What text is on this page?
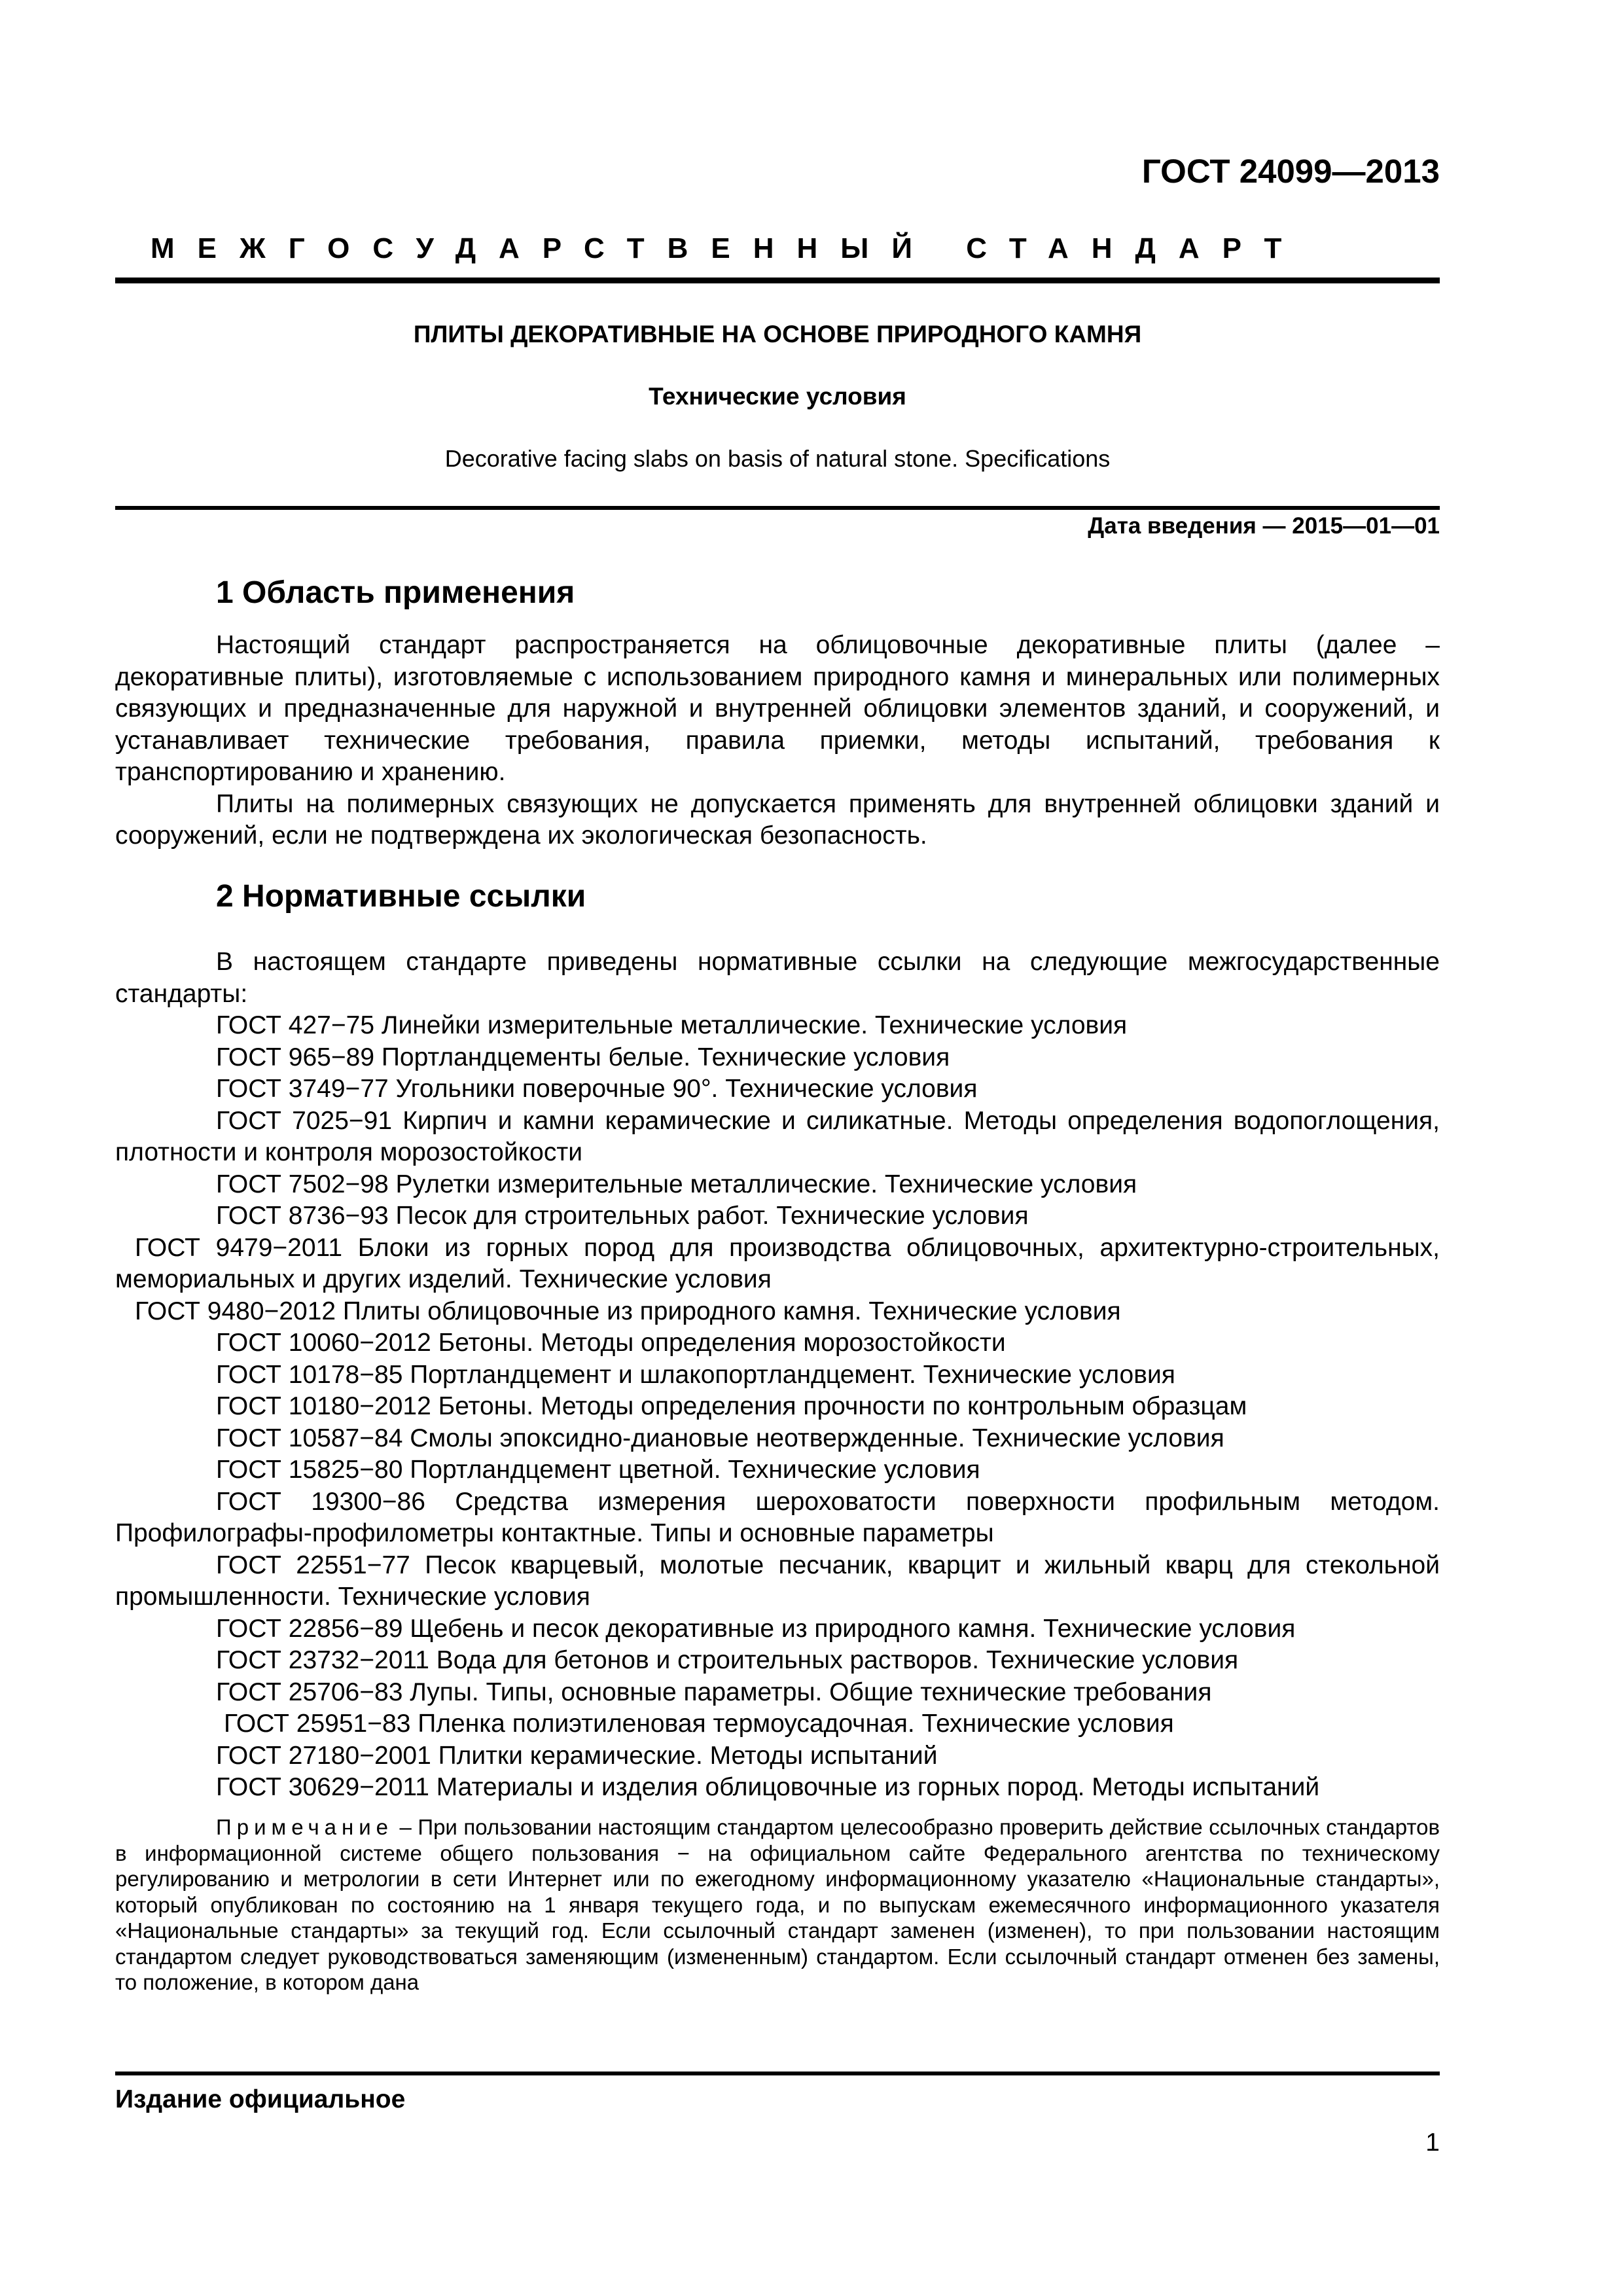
ГОСТ 24099—2013
МЕЖГОСУДАРСТВЕННЫЙ СТАНДАРТ
ПЛИТЫ ДЕКОРАТИВНЫЕ НА ОСНОВЕ ПРИРОДНОГО КАМНЯ
Технические условия
Decorative facing slabs on basis of natural stone. Specifications
Дата введения — 2015—01—01
1 Область применения

Настоящий стандарт распространяется на облицовочные декоративные плиты (далее – декоративные плиты), изготовляемые с использованием природного камня и минеральных или полимерных связующих и предназначенные для наружной и внутренней облицовки элементов зданий, и сооружений, и устанавливает технические требования, правила приемки, методы испытаний, требования к транспортированию и хранению.

Плиты на полимерных связующих не допускается применять для внутренней облицовки зданий и сооружений, если не подтверждена их экологическая безопасность.

2 Нормативные ссылки

В настоящем стандарте приведены нормативные ссылки на следующие межгосударственные стандарты:

ГОСТ 427−75 Линейки измерительные металлические. Технические условия

ГОСТ 965−89 Портландцементы белые. Технические условия

ГОСТ 3749−77 Угольники поверочные 90°. Технические условия

ГОСТ 7025−91 Кирпич и камни керамические и силикатные. Методы определения водопоглощения, плотности и контроля морозостойкости

ГОСТ 7502−98 Рулетки измерительные металлические. Технические условия

ГОСТ 8736−93 Песок для строительных работ. Технические условия

ГОСТ 9479−2011 Блоки из горных пород для производства облицовочных, архитектурно-строительных, мемориальных и других изделий. Технические условия

ГОСТ 9480−2012 Плиты облицовочные из природного камня. Технические условия

ГОСТ 10060−2012 Бетоны. Методы определения морозостойкости

ГОСТ 10178−85 Портландцемент и шлакопортландцемент. Технические условия

ГОСТ 10180−2012 Бетоны. Методы определения прочности по контрольным образцам

ГОСТ 10587−84 Смолы эпоксидно-диановые неотвержденные. Технические условия

ГОСТ 15825−80 Портландцемент цветной. Технические условия

ГОСТ 19300−86 Средства измерения шероховатости поверхности профильным методом. Профилографы-профилометры контактные. Типы и основные параметры

ГОСТ 22551−77 Песок кварцевый, молотые песчаник, кварцит и жильный кварц для стекольной промышленности. Технические условия

ГОСТ 22856−89 Щебень и песок декоративные из природного камня. Технические условия

ГОСТ 23732−2011 Вода для бетонов и строительных растворов. Технические условия

ГОСТ 25706−83 Лупы. Типы, основные параметры. Общие технические требования

ГОСТ 25951−83 Пленка полиэтиленовая термоусадочная. Технические условия

ГОСТ 27180−2001 Плитки керамические. Методы испытаний

ГОСТ 30629−2011 Материалы и изделия облицовочные из горных пород. Методы испытаний

Примечание – При пользовании настоящим стандартом целесообразно проверить действие ссылочных стандартов в информационной системе общего пользования − на официальном сайте Федерального агентства по техническому регулированию и метрологии в сети Интернет или по ежегодному информационному указателю «Национальные стандарты», который опубликован по состоянию на 1 января текущего года, и по выпускам ежемесячного информационного указателя «Национальные стандарты» за текущий год. Если ссылочный стандарт заменен (изменен), то при пользовании настоящим стандартом следует руководствоваться заменяющим (измененным) стандартом. Если ссылочный стандарт отменен без замены, то положение, в котором дана

Издание официальное
1
